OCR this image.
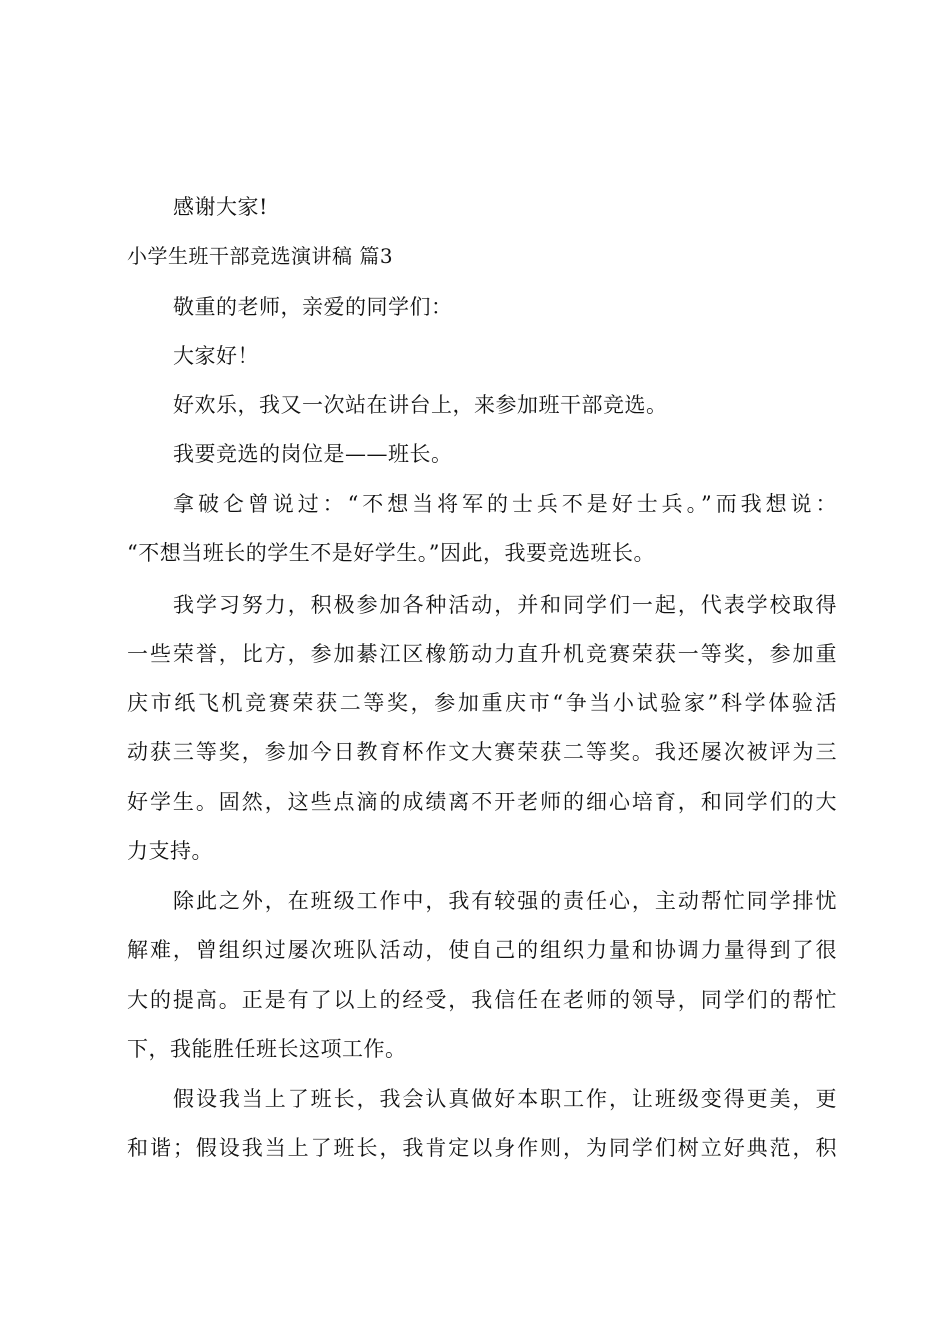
感谢大家!
小学生班干部竞选演讲稿 篇3
敬重的老师，亲爱的同学们：
大家好！
好欢乐，我又一次站在讲台上，来参加班干部竞选。
我要竞选的岗位是——班长。
拿破仑曾说过：“不想当将军的士兵不是好士兵。”而我想说：
“不想当班长的学生不是好学生。”因此，我要竞选班长。
我学习努力，积极参加各种活动，并和同学们一起，代表学校取得
一些荣誉，比方，参加綦江区橡筋动力直升机竞赛荣获一等奖，参加重
庆市纸飞机竞赛荣获二等奖，参加重庆市“争当小试验家”科学体验活
动获三等奖，参加今日教育杯作文大赛荣获二等奖。我还屡次被评为三
好学生。固然，这些点滴的成绩离不开老师的细心培育，和同学们的大
力支持。
除此之外，在班级工作中，我有较强的责任心，主动帮忙同学排忧
解难，曾组织过屡次班队活动，使自己的组织力量和协调力量得到了很
大的提高。正是有了以上的经受，我信任在老师的领导，同学们的帮忙
下，我能胜任班长这项工作。
假设我当上了班长，我会认真做好本职工作，让班级变得更美，更
和谐；假设我当上了班长，我肯定以身作则，为同学们树立好典范，积
